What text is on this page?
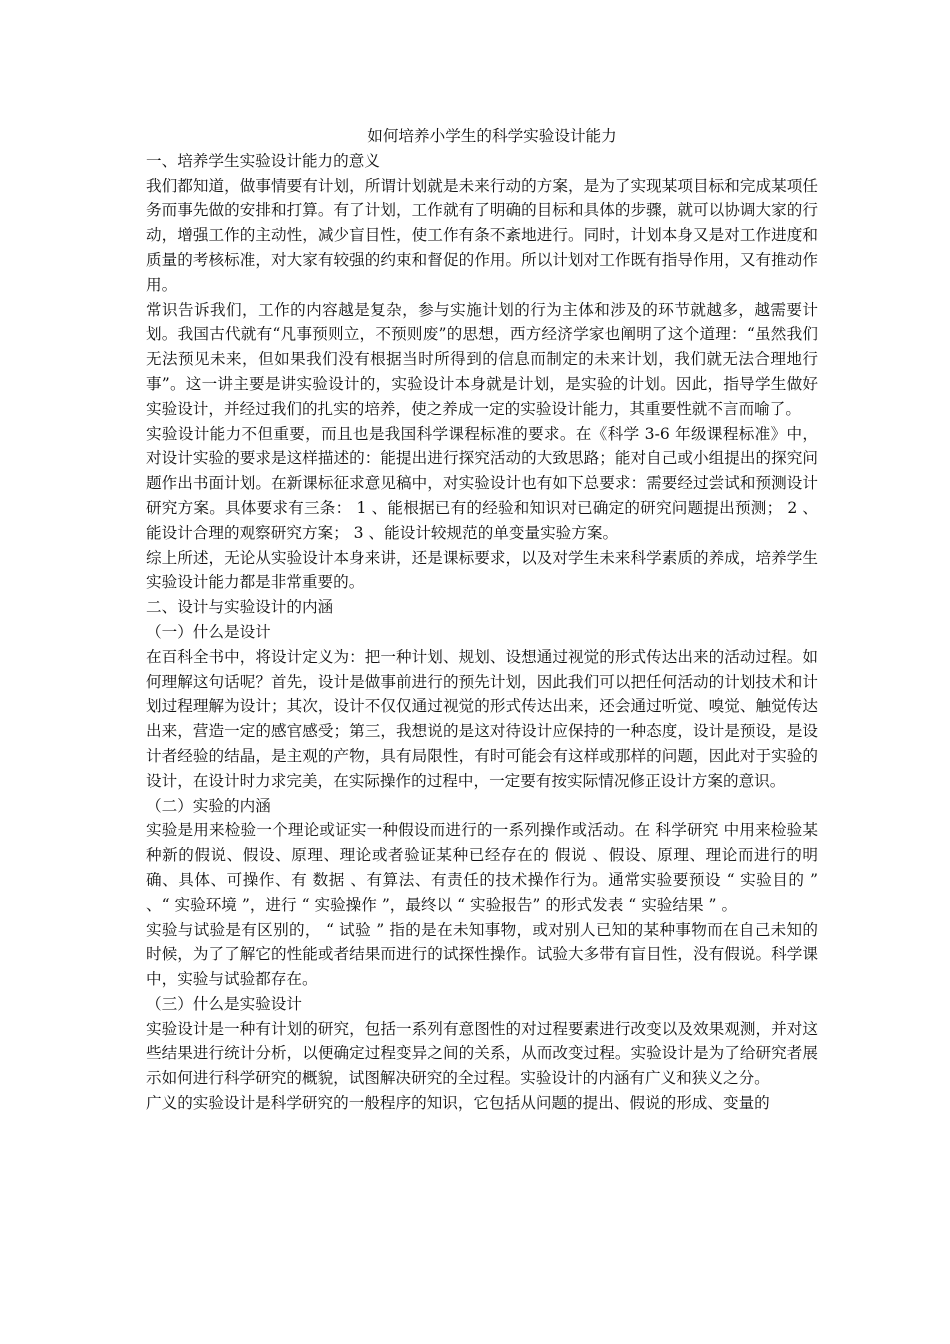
如何培养小学生的科学实验设计能力

一、培养学生实验设计能力的意义

我们都知道，做事情要有计划，所谓计划就是未来行动的方案，是为了实现某项目标和完成某项任务而事先做的安排和打算。有了计划，工作就有了明确的目标和具体的步骤，就可以协调大家的行动，增强工作的主动性，减少盲目性，使工作有条不紊地进行。同时，计划本身又是对工作进度和质量的考核标准，对大家有较强的约束和督促的作用。所以计划对工作既有指导作用，又有推动作用。

常识告诉我们，工作的内容越是复杂，参与实施计划的行为主体和涉及的环节就越多，越需要计划。我国古代就有“凡事预则立，不预则废”的思想，西方经济学家也阐明了这个道理：“虽然我们无法预见未来，但如果我们没有根据当时所得到的信息而制定的未来计划，我们就无法合理地行事”。这一讲主要是讲实验设计的，实验设计本身就是计划，是实验的计划。因此，指导学生做好实验设计，并经过我们的扎实的培养，使之养成一定的实验设计能力，其重要性就不言而喻了。

实验设计能力不但重要，而且也是我国科学课程标准的要求。在《科学 3-6 年级课程标准》中，对设计实验的要求是这样描述的：能提出进行探究活动的大致思路；能对自己或小组提出的探究问题作出书面计划。在新课标征求意见稿中，对实验设计也有如下总要求：需要经过尝试和预测设计研究方案。具体要求有三条： 1 、能根据已有的经验和知识对已确定的研究问题提出预测； 2 、能设计合理的观察研究方案； 3 、能设计较规范的单变量实验方案。

综上所述，无论从实验设计本身来讲，还是课标要求，以及对学生未来科学素质的养成，培养学生实验设计能力都是非常重要的。

二、设计与实验设计的内涵

（一）什么是设计

在百科全书中，将设计定义为：把一种计划、规划、设想通过视觉的形式传达出来的活动过程。如何理解这句话呢？首先，设计是做事前进行的预先计划，因此我们可以把任何活动的计划技术和计划过程理解为设计；其次，设计不仅仅通过视觉的形式传达出来，还会通过听觉、嗅觉、触觉传达出来，营造一定的感官感受；第三，我想说的是这对待设计应保持的一种态度，设计是预设，是设计者经验的结晶，是主观的产物，具有局限性，有时可能会有这样或那样的问题，因此对于实验的设计，在设计时力求完美，在实际操作的过程中，一定要有按实际情况修正设计方案的意识。

（二）实验的内涵

实验是用来检验一个理论或证实一种假设而进行的一系列操作或活动。在 科学研究 中用来检验某种新的假说、假设、原理、理论或者验证某种已经存在的 假说 、假设、原理、理论而进行的明确、具体、可操作、有 数据 、有算法、有责任的技术操作行为。通常实验要预设 “ 实验目的 ” 、“ 实验环境 ”，进行 “ 实验操作 ”，最终以 “ 实验报告” 的形式发表 “ 实验结果 ” 。

实验与试验是有区别的， “ 试验 ” 指的是在未知事物，或对别人已知的某种事物而在自己未知的时候，为了了解它的性能或者结果而进行的试探性操作。试验大多带有盲目性，没有假说。科学课中，实验与试验都存在。

（三）什么是实验设计

实验设计是一种有计划的研究，包括一系列有意图性的对过程要素进行改变以及效果观测，并对这些结果进行统计分析，以便确定过程变异之间的关系，从而改变过程。实验设计是为了给研究者展示如何进行科学研究的概貌，试图解决研究的全过程。实验设计的内涵有广义和狭义之分。

广义的实验设计是科学研究的一般程序的知识，它包括从问题的提出、假说的形成、变量的
